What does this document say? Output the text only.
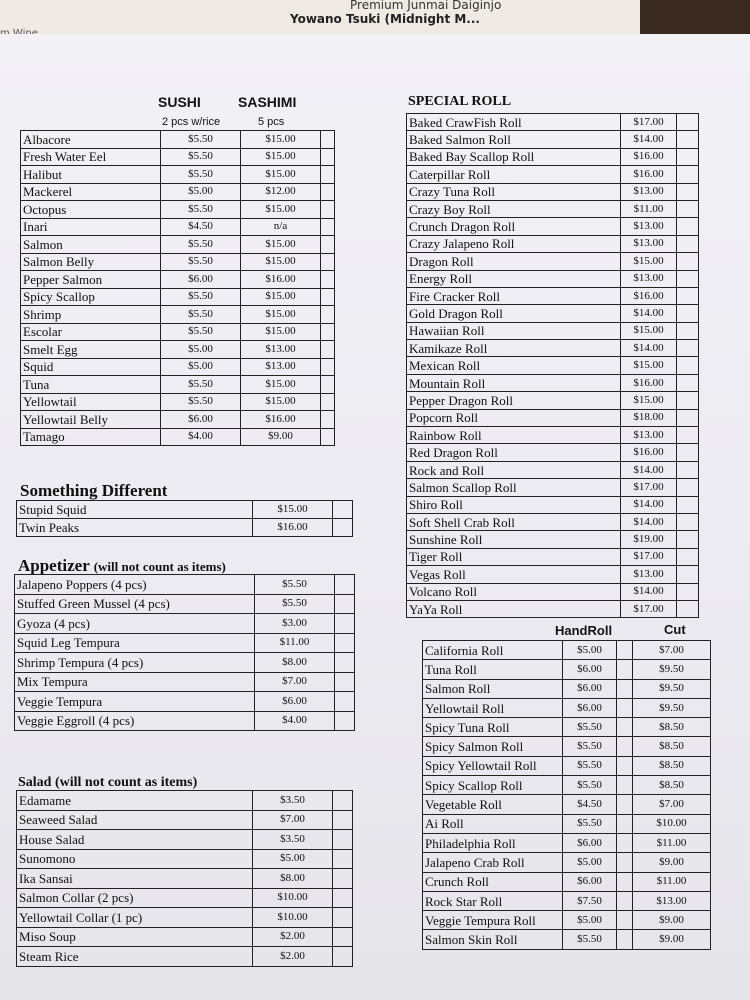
Premium Junmai Daiginjo
Yowano Tsuki (Midnight M...
SUSHI	SASHIMI
2 pcs w/rice	5 pcs
Albacore	$5.50	$15.00	
Fresh Water Eel	$5.50	$15.00	
Halibut	$5.50	$15.00	
Mackerel	$5.00	$12.00	
Octopus	$5.50	$15.00	
Inari	$4.50	n/a	
Salmon	$5.50	$15.00	
Salmon Belly	$5.50	$15.00	
Pepper Salmon	$6.00	$16.00	
Spicy Scallop	$5.50	$15.00	
Shrimp	$5.50	$15.00	
Escolar	$5.50	$15.00	
Smelt Egg	$5.00	$13.00	
Squid	$5.00	$13.00	
Tuna	$5.50	$15.00	
Yellowtail	$5.50	$15.00	
Yellowtail Belly	$6.00	$16.00	
Tamago	$4.00	$9.00	
Something Different
Stupid Squid	$15.00	
Twin Peaks	$16.00	
Appetizer (will not count as items)
Jalapeno Poppers (4 pcs)	$5.50	
Stuffed Green Mussel (4 pcs)	$5.50	
Gyoza (4 pcs)	$3.00	
Squid Leg Tempura	$11.00	
Shrimp Tempura (4 pcs)	$8.00	
Mix Tempura	$7.00	
Veggie Tempura	$6.00	
Veggie Eggroll (4 pcs)	$4.00	
Salad (will not count as items)
Edamame	$3.50	
Seaweed Salad	$7.00	
House Salad	$3.50	
Sunomono	$5.00	
Ika Sansai	$8.00	
Salmon Collar (2 pcs)	$10.00	
Yellowtail Collar (1 pc)	$10.00	
Miso Soup	$2.00	
Steam Rice	$2.00	
SPECIAL ROLL
Baked CrawFish Roll	$17.00	
Baked Salmon Roll	$14.00	
Baked Bay Scallop Roll	$16.00	
Caterpillar Roll	$16.00	
Crazy Tuna Roll	$13.00	
Crazy Boy Roll	$11.00	
Crunch Dragon Roll	$13.00	
Crazy Jalapeno Roll	$13.00	
Dragon Roll	$15.00	
Energy Roll	$13.00	
Fire Cracker Roll	$16.00	
Gold Dragon Roll	$14.00	
Hawaiian Roll	$15.00	
Kamikaze Roll	$14.00	
Mexican Roll	$15.00	
Mountain Roll	$16.00	
Pepper Dragon Roll	$15.00	
Popcorn Roll	$18.00	
Rainbow Roll	$13.00	
Red Dragon Roll	$16.00	
Rock and Roll	$14.00	
Salmon Scallop Roll	$17.00	
Shiro Roll	$14.00	
Soft Shell Crab Roll	$14.00	
Sunshine Roll	$19.00	
Tiger Roll	$17.00	
Vegas Roll	$13.00	
Volcano Roll	$14.00	
YaYa Roll	$17.00	
HandRoll	Cut
California Roll	$5.00		$7.00
Tuna Roll	$6.00		$9.50
Salmon Roll	$6.00		$9.50
Yellowtail Roll	$6.00		$9.50
Spicy Tuna Roll	$5.50		$8.50
Spicy Salmon Roll	$5.50		$8.50
Spicy Yellowtail Roll	$5.50		$8.50
Spicy Scallop Roll	$5.50		$8.50
Vegetable Roll	$4.50		$7.00
Ai Roll	$5.50		$10.00
Philadelphia Roll	$6.00		$11.00
Jalapeno Crab Roll	$5.00		$9.00
Crunch Roll	$6.00		$11.00
Rock Star Roll	$7.50		$13.00
Veggie Tempura Roll	$5.00		$9.00
Salmon Skin Roll	$5.50		$9.00
